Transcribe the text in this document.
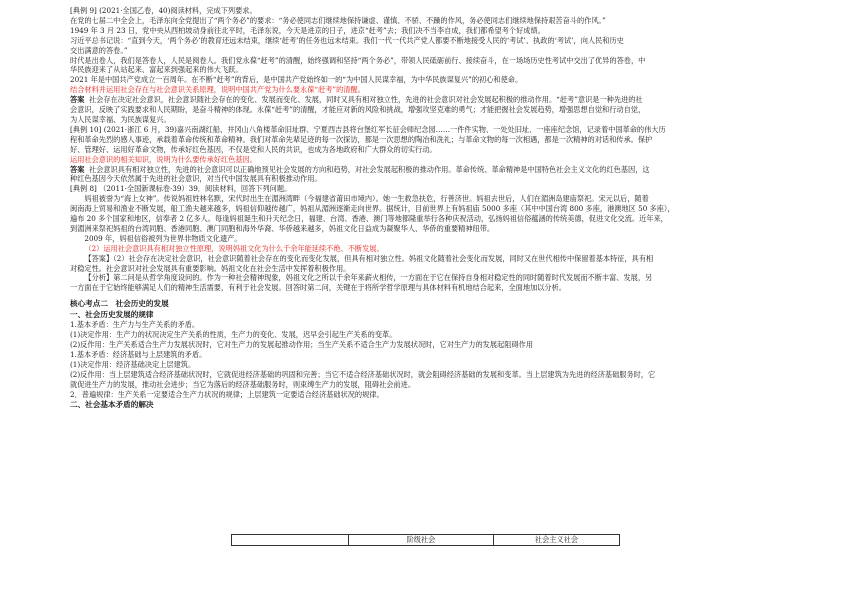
[典例 9] (2021·全国乙卷，40)阅读材料，完成下列要求。
在党的七届二中全会上，毛泽东向全党提出了“两个务必”的要求：“务必使同志们继续地保持谦虚、谨慎、不骄、不躁的作风，务必使同志们继续地保持艰苦奋斗的作风。”
1949 年 3 月 23 日，党中央从西柏坡动身前往北平时，毛泽东说，今天是进京的日子，进京“赶考”去；我们决不当李自成，我们都希望考个好成绩。
习近平总书记说：“直到今天，‘两个务必’的教育还远未结束，继续‘赶考’的任务也远未结束。我们一代一代共产党人都要不断地接受人民的‘考试’、执政的‘考试’，向人民和历史
交出满意的答卷。”
时代是出卷人，我们是答卷人，人民是阅卷人。我们党永葆“赶考”的清醒，始终强调和坚持“两个务必”，带领人民砥砺前行、接续奋斗，在一场场历史性考试中交出了优异的答卷，中
华民族迎来了从站起来、富起来到强起来的伟大飞跃。
2021 年是中国共产党成立一百周年。在不断“赶考”的背后，是中国共产党始终如一的“为中国人民谋幸福，为中华民族谋复兴”的初心和使命。
结合材料并运用社会存在与社会意识关系原理，说明中国共产党为什么要永葆“赶考”的清醒。
答案 社会存在决定社会意识，社会意识随社会存在的变化、发展而变化、发展，同时又具有相对独立性，先进的社会意识对社会发展起积极的推动作用。“赶考”意识是一种先进的社
会意识，反映了实践要求和人民期盼，是奋斗精神的体现。永葆“赶考”的清醒，才能应对新的风险和挑战，增强攻坚克难的勇气；才能把握社会发展趋势，增强思想自觉和行动自觉，
为人民谋幸福、为民族谋复兴。
[典例 10] (2021·浙江 6 月，39)嘉兴南湖红船、井冈山八角楼革命旧址群、宁夏西吉县将台堡红军长征会师纪念园……一件件实物、一处处旧址、一座座纪念馆，记录着中国革命的伟大历
程和革命先烈的感人事迹，承载着革命传统和革命精神。我们对革命先辈足迹的每一次探访，都是一次思想的陶冶和洗礼；与革命文物的每一次相遇，都是一次精神的对话和传承。保护
好、管理好、运用好革命文物，传承好红色基因，不仅是党和人民的共识，也成为各地政府和广大群众的切实行动。
运用社会意识的相关知识，说明为什么要传承好红色基因。
答案 社会意识具有相对独立性，先进的社会意识可以正确地预见社会发展的方向和趋势，对社会发展起积极的推动作用。革命传统、革命精神是中国特色社会主义文化的红色基因，这
种红色基因今天依然属于先进的社会意识，对当代中国发展具有积极推动作用。
[典例 8] （2011·全国新课标卷·39）39．阅读材料，回答下列问题。
妈祖被誉为“海上女神”。传说妈祖姓林名默，宋代时出生在湄洲湾畔（今福建省莆田市境内）。她一生救急扶危，行善济世。妈祖去世后，人们在湄洲岛建庙祭祀。宋元以后，随着
闽南海上贸易和渔业不断发展，船工渔夫越来越多，妈祖信仰越传越广，妈祖从湄洲逐渐走向世界。据统计，目前世界上有妈祖庙 5000 多座（其中中国台湾 800 多座，港澳地区 50 多座），
遍布 20 多个国家和地区，信奉者 2 亿多人。每逢妈祖诞生和升天纪念日，福建、台湾、香港、澳门等地都隆重举行各种庆祝活动，弘扬妈祖信俗蕴涵的传统美德，促进文化交流。近年来，
到湄洲来祭祀妈祖的台湾同胞、香港同胞、澳门同胞和海外华裔、华侨越来越多，妈祖文化日益成为凝聚华人、华侨的重要精神纽带。
2009 年，妈祖信俗被列为世界非物质文化遗产。
（2）运用社会意识具有相对独立性原理，说明妈祖文化为什么千余年能延续不绝、不断发展。
【答案】（2）社会存在决定社会意识，社会意识随着社会存在的变化而变化发展，但具有相对独立性。妈祖文化随着社会变化而发展，同时又在世代相传中保留着基本特征，具有相
对稳定性。社会意识对社会发展具有重要影响。妈祖文化在社会生活中发挥着积极作用。
【分析】第二问是从哲学角度设问的。作为一种社会精神现象，妈祖文化之所以千余年来薪火相传，一方面在于它在保持自身相对稳定性的同时随着时代发展而不断丰富、发展，另
一方面在于它始终能够满足人们的精神生活需要，有利于社会发展。回答时第二问，关键在于将所学哲学原理与具体材料有机地结合起来，全面地加以分析。
核心考点二　社会历史的发展
一、社会历史发展的规律
1.基本矛盾：生产力与生产关系的矛盾。
(1)决定作用：生产力的状况决定生产关系的性质，生产力的变化、发展，迟早会引起生产关系的变革。
(2)反作用：生产关系适合生产力发展状况时，它对生产力的发展起推动作用；当生产关系不适合生产力发展状况时，它对生产力的发展起阻碍作用
1.基本矛盾：经济基础与上层建筑的矛盾。
(1)决定作用：经济基础决定上层建筑。
(2)反作用：当上层建筑适合经济基础状况时，它就促进经济基础的巩固和完善；当它不适合经济基础状况时，就会阻碍经济基础的发展和变革。当上层建筑为先进的经济基础服务时，它
就促进生产力的发展，推动社会进步；当它为落后的经济基础服务时，则束缚生产力的发展，阻碍社会前进。
2．普遍规律：生产关系一定要适合生产力状况的规律；上层建筑一定要适合经济基础状况的规律。
二、社会基本矛盾的解决
	阶级社会	社会主义社会
